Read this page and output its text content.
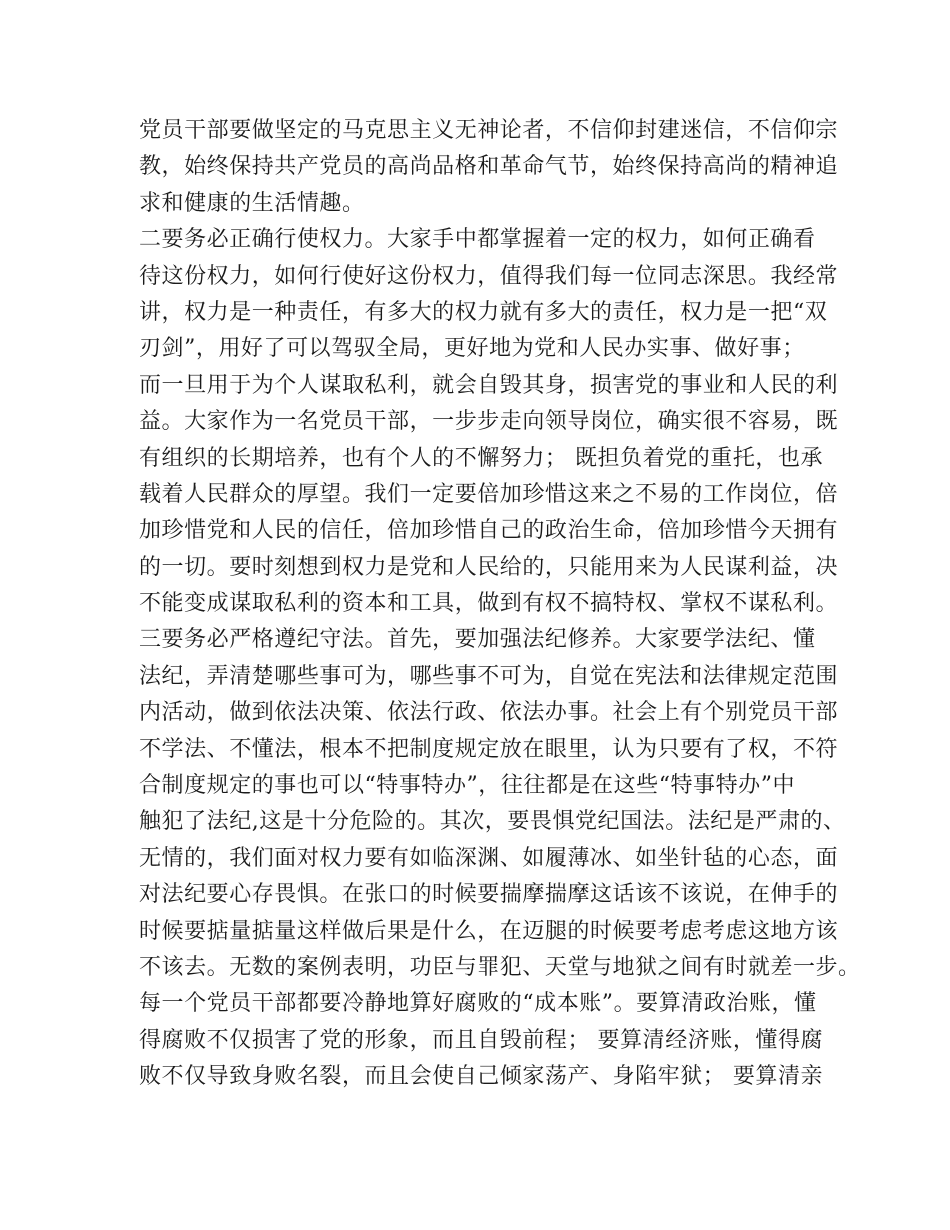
党员干部要做坚定的马克思主义无神论者，不信仰封建迷信，不信仰宗
教，始终保持共产党员的高尚品格和革命气节，始终保持高尚的精神追
求和健康的生活情趣。
二要务必正确行使权力。大家手中都掌握着一定的权力，如何正确看
待这份权力，如何行使好这份权力，值得我们每一位同志深思。我经常
讲，权力是一种责任，有多大的权力就有多大的责任，权力是一把“双
刃剑”，用好了可以驾驭全局，更好地为党和人民办实事、做好事；
而一旦用于为个人谋取私利，就会自毁其身，损害党的事业和人民的利
益。大家作为一名党员干部，一步步走向领导岗位，确实很不容易，既
有组织的长期培养，也有个人的不懈努力； 既担负着党的重托，也承
载着人民群众的厚望。我们一定要倍加珍惜这来之不易的工作岗位，倍
加珍惜党和人民的信任，倍加珍惜自己的政治生命，倍加珍惜今天拥有
的一切。要时刻想到权力是党和人民给的，只能用来为人民谋利益，决
不能变成谋取私利的资本和工具，做到有权不搞特权、掌权不谋私利。
三要务必严格遵纪守法。首先，要加强法纪修养。大家要学法纪、懂
法纪，弄清楚哪些事可为，哪些事不可为，自觉在宪法和法律规定范围
内活动，做到依法决策、依法行政、依法办事。社会上有个别党员干部
不学法、不懂法，根本不把制度规定放在眼里，认为只要有了权，不符
合制度规定的事也可以“特事特办”，往往都是在这些“特事特办”中
触犯了法纪,这是十分危险的。其次，要畏惧党纪国法。法纪是严肃的、
无情的，我们面对权力要有如临深渊、如履薄冰、如坐针毡的心态，面
对法纪要心存畏惧。在张口的时候要揣摩揣摩这话该不该说，在伸手的
时候要掂量掂量这样做后果是什么，在迈腿的时候要考虑考虑这地方该
不该去。无数的案例表明，功臣与罪犯、天堂与地狱之间有时就差一步。
每一个党员干部都要冷静地算好腐败的“成本账”。要算清政治账，懂
得腐败不仅损害了党的形象，而且自毁前程； 要算清经济账，懂得腐
败不仅导致身败名裂，而且会使自己倾家荡产、身陷牢狱； 要算清亲
